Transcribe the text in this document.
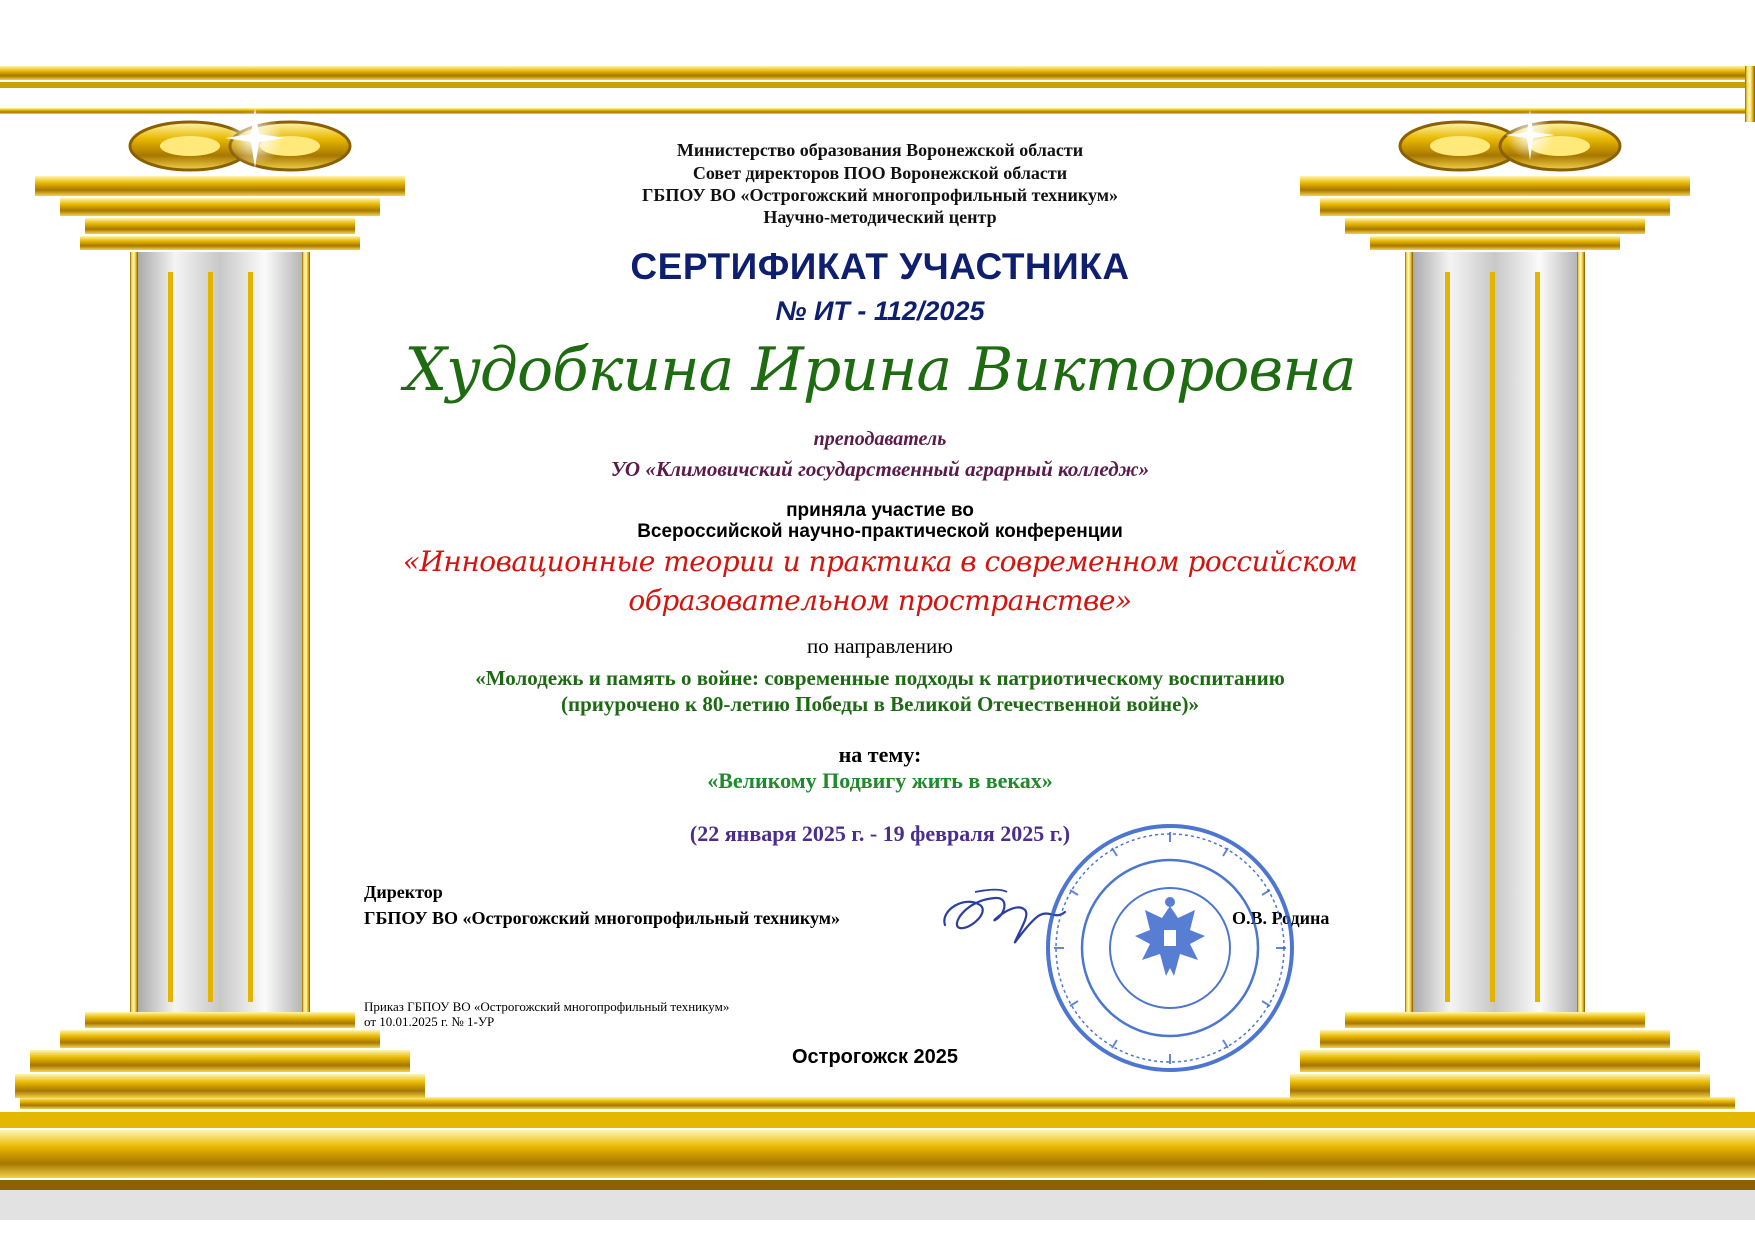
Министерство образования Воронежской области
Совет директоров ПОО Воронежской области
ГБПОУ ВО «Острогожский многопрофильный техникум»
Научно-методический центр
СЕРТИФИКАТ УЧАСТНИКА
№ ИТ - 112/2025
Худобкина Ирина Викторовна
преподаватель
УО «Климовичский государственный аграрный колледж»
приняла участие во
Всероссийской научно-практической конференции
«Инновационные теории и практика в современном российском
образовательном пространстве»
по направлению
«Молодежь и память о войне: современные подходы к патриотическому воспитанию
(приурочено к 80-летию Победы в Великой Отечественной войне)»
на тему:
«Великому Подвигу жить в веках»
(22 января 2025 г. - 19 февраля 2025 г.)
Директор
ГБПОУ ВО «Острогожский многопрофильный техникум»	О.В. Родина
Приказ ГБПОУ ВО «Острогожский многопрофильный техникум»
от 10.01.2025 г. № 1-УР
Острогожск 2025
